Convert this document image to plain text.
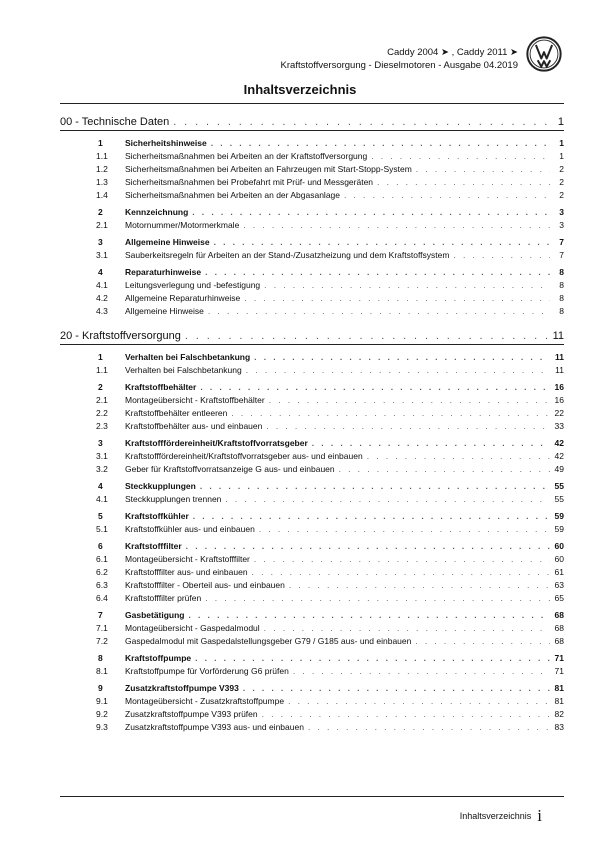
Caddy 2004 ➤ , Caddy 2011 ➤
Kraftstoffversorgung - Dieselmotoren - Ausgabe 04.2019
Inhaltsverzeichnis
00 - Technische Daten . . .	1
1	Sicherheitshinweise . . .	1
1.1	Sicherheitsmaßnahmen bei Arbeiten an der Kraftstoffversorgung . . .	1
1.2	Sicherheitsmaßnahmen bei Arbeiten an Fahrzeugen mit Start-Stopp-System . . .	2
1.3	Sicherheitsmaßnahmen bei Probefahrt mit Prüf- und Messgeräten . . .	2
1.4	Sicherheitsmaßnahmen bei Arbeiten an der Abgasanlage . . .	2
2	Kennzeichnung . . .	3
2.1	Motornummer/Motormerkmale . . .	3
3	Allgemeine Hinweise . . .	7
3.1	Sauberkeitsregeln für Arbeiten an der Stand-/Zusatzheizung und dem Kraftstoffsystem . . .	7
4	Reparaturhinweise . . .	8
4.1	Leitungsverlegung und -befestigung . . .	8
4.2	Allgemeine Reparaturhinweise . . .	8
4.3	Allgemeine Hinweise . . .	8
20 - Kraftstoffversorgung . . .	11
1	Verhalten bei Falschbetankung . . .	11
1.1	Verhalten bei Falschbetankung . . .	11
2	Kraftstoffbehälter . . .	16
2.1	Montageübersicht - Kraftstoffbehälter . . .	16
2.2	Kraftstoffbehälter entleeren . . .	22
2.3	Kraftstoffbehälter aus- und einbauen . . .	33
3	Kraftstofffördereinheit/Kraftstoffvorratsgeber . . .	42
3.1	Kraftstofffördereinheit/Kraftstoffvorratsgeber aus- und einbauen . . .	42
3.2	Geber für Kraftstoffvorratsanzeige G aus- und einbauen . . .	49
4	Steckkupplungen . . .	55
4.1	Steckkupplungen trennen . . .	55
5	Kraftstoffkühler . . .	59
5.1	Kraftstoffkühler aus- und einbauen . . .	59
6	Kraftstofffilter . . .	60
6.1	Montageübersicht - Kraftstofffilter . . .	60
6.2	Kraftstofffilter aus- und einbauen . . .	61
6.3	Kraftstofffilter - Oberteil aus- und einbauen . . .	63
6.4	Kraftstofffilter prüfen . . .	65
7	Gasbetätigung . . .	68
7.1	Montageübersicht - Gaspedalmodul . . .	68
7.2	Gaspedalmodul mit Gaspedalstellungsgeber G79 / G185 aus- und einbauen . . .	68
8	Kraftstoffpumpe . . .	71
8.1	Kraftstoffpumpe für Vorförderung G6 prüfen . . .	71
9	Zusatzkraftstoffpumpe V393 . . .	81
9.1	Montageübersicht - Zusatzkraftstoffpumpe . . .	81
9.2	Zusatzkraftstoffpumpe V393 prüfen . . .	82
9.3	Zusatzkraftstoffpumpe V393 aus- und einbauen . . .	83
Inhaltsverzeichnis i
